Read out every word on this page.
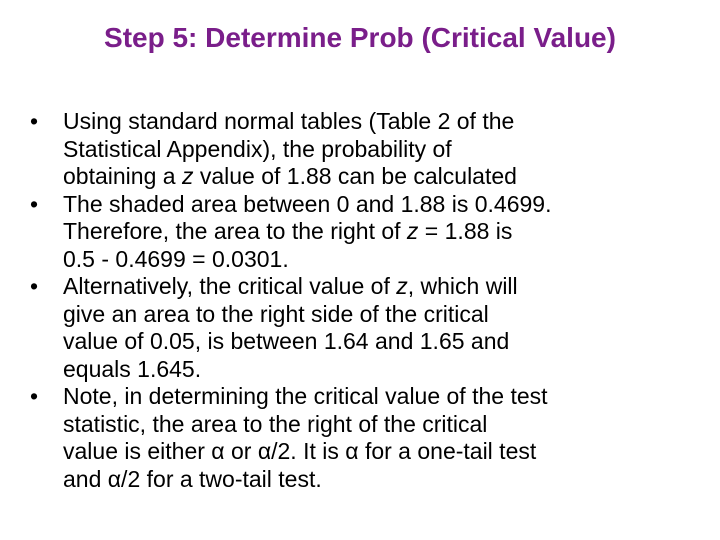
Step 5: Determine Prob (Critical Value)
•	Using standard normal tables (Table 2 of the
Statistical Appendix), the probability of
obtaining a z value of 1.88 can be calculated
•	The shaded area between 0 and 1.88 is 0.4699.
Therefore, the area to the right of z = 1.88 is
0.5 - 0.4699 = 0.0301.
•	Alternatively, the critical value of z, which will
give an area to the right side of the critical
value of 0.05, is between 1.64 and 1.65 and
equals 1.645.
•	Note, in determining the critical value of the test
statistic, the area to the right of the critical
value is either α or α/2. It is α for a one-tail test
and α/2 for a two-tail test.
